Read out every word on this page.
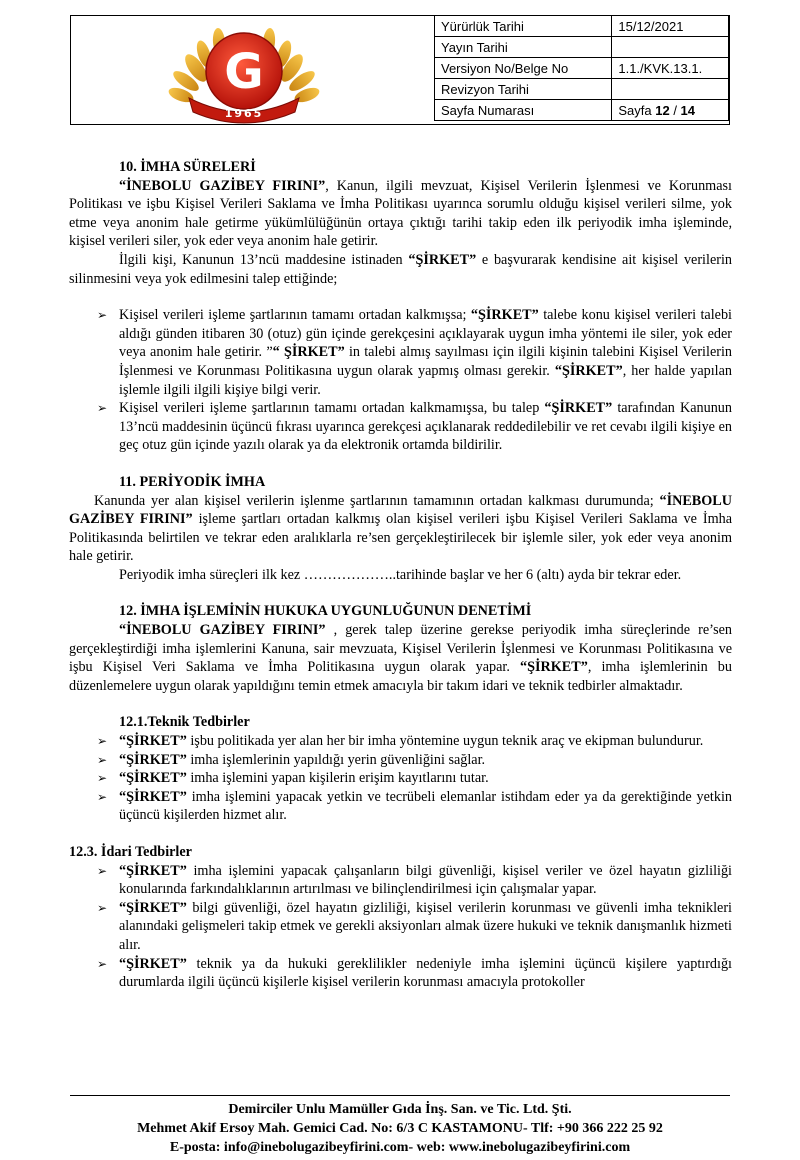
G
1965
Yürürlük Tarihi	15/12/2021
Yayın Tarihi	
Versiyon No/Belge No	1.1./KVK.13.1.
Revizyon Tarihi	
Sayfa Numarası	Sayfa 12 / 14

10. İMHA SÜRELERİ

“İNEBOLU GAZİBEY FIRINI”, Kanun, ilgili mevzuat, Kişisel Verilerin İşlenmesi ve Korunması Politikası ve işbu Kişisel Verileri Saklama ve İmha Politikası uyarınca sorumlu olduğu kişisel verileri silme, yok etme veya anonim hale getirme yükümlülüğünün ortaya çıktığı tarihi takip eden ilk periyodik imha işleminde, kişisel verileri siler, yok eder veya anonim hale getirir.

İlgili kişi, Kanunun 13’ncü maddesine istinaden “ŞİRKET” e başvurarak kendisine ait kişisel verilerin silinmesini veya yok edilmesini talep ettiğinde;

➢ Kişisel verileri işleme şartlarının tamamı ortadan kalkmışsa; “ŞİRKET” talebe konu kişisel verileri talebi aldığı günden itibaren 30 (otuz) gün içinde gerekçesini açıklayarak uygun imha yöntemi ile siler, yok eder veya anonim hale getirir. ”“ ŞİRKET” in talebi almış sayılması için ilgili kişinin talebini Kişisel Verilerin İşlenmesi ve Korunması Politikasına uygun olarak yapmış olması gerekir. “ŞİRKET”, her halde yapılan işlemle ilgili ilgili kişiye bilgi verir.
➢ Kişisel verileri işleme şartlarının tamamı ortadan kalkmamışsa, bu talep “ŞİRKET” tarafından Kanunun 13’ncü maddesinin üçüncü fıkrası uyarınca gerekçesi açıklanarak reddedilebilir ve ret cevabı ilgili kişiye en geç otuz gün içinde yazılı olarak ya da elektronik ortamda bildirilir.

11. PERİYODİK İMHA

Kanunda yer alan kişisel verilerin işlenme şartlarının tamamının ortadan kalkması durumunda; “İNEBOLU GAZİBEY FIRINI” işleme şartları ortadan kalkmış olan kişisel verileri işbu Kişisel Verileri Saklama ve İmha Politikasında belirtilen ve tekrar eden aralıklarla re’sen gerçekleştirilecek bir işlemle siler, yok eder veya anonim hale getirir.

Periyodik imha süreçleri ilk kez ………………..tarihinde başlar ve her 6 (altı) ayda bir tekrar eder.

12. İMHA İŞLEMİNİN HUKUKA UYGUNLUĞUNUN DENETİMİ

“İNEBOLU GAZİBEY FIRINI” , gerek talep üzerine gerekse periyodik imha süreçlerinde re’sen gerçekleştirdiği imha işlemlerini Kanuna, sair mevzuata, Kişisel Verilerin İşlenmesi ve Korunması Politikasına ve işbu Kişisel Veri Saklama ve İmha Politikasına uygun olarak yapar. “ŞİRKET”, imha işlemlerinin bu düzenlemelere uygun olarak yapıldığını temin etmek amacıyla bir takım idari ve teknik tedbirler almaktadır.

12.1.Teknik Tedbirler

➢ “ŞİRKET” işbu politikada yer alan her bir imha yöntemine uygun teknik araç ve ekipman bulundurur.
➢ “ŞİRKET” imha işlemlerinin yapıldığı yerin güvenliğini sağlar.
➢ “ŞİRKET” imha işlemini yapan kişilerin erişim kayıtlarını tutar.
➢ “ŞİRKET” imha işlemini yapacak yetkin ve tecrübeli elemanlar istihdam eder ya da gerektiğinde yetkin üçüncü kişilerden hizmet alır.

12.3. İdari Tedbirler

➢ “ŞİRKET” imha işlemini yapacak çalışanların bilgi güvenliği, kişisel veriler ve özel hayatın gizliliği konularında farkındalıklarının artırılması ve bilinçlendirilmesi için çalışmalar yapar.
➢ “ŞİRKET” bilgi güvenliği, özel hayatın gizliliği, kişisel verilerin korunması ve güvenli imha teknikleri alanındaki gelişmeleri takip etmek ve gerekli aksiyonları almak üzere hukuki ve teknik danışmanlık hizmeti alır.
➢ “ŞİRKET” teknik ya da hukuki gereklilikler nedeniyle imha işlemini üçüncü kişilere yaptırdığı durumlarda ilgili üçüncü kişilerle kişisel verilerin korunması amacıyla protokoller
Demirciler Unlu Mamüller Gıda İnş. San. ve Tic. Ltd. Şti.
Mehmet Akif Ersoy Mah. Gemici Cad. No: 6/3 C KASTAMONU- Tlf: +90 366 222 25 92
E-posta: info@inebolugazibeyfirini.com- web: www.inebolugazibeyfirini.com
